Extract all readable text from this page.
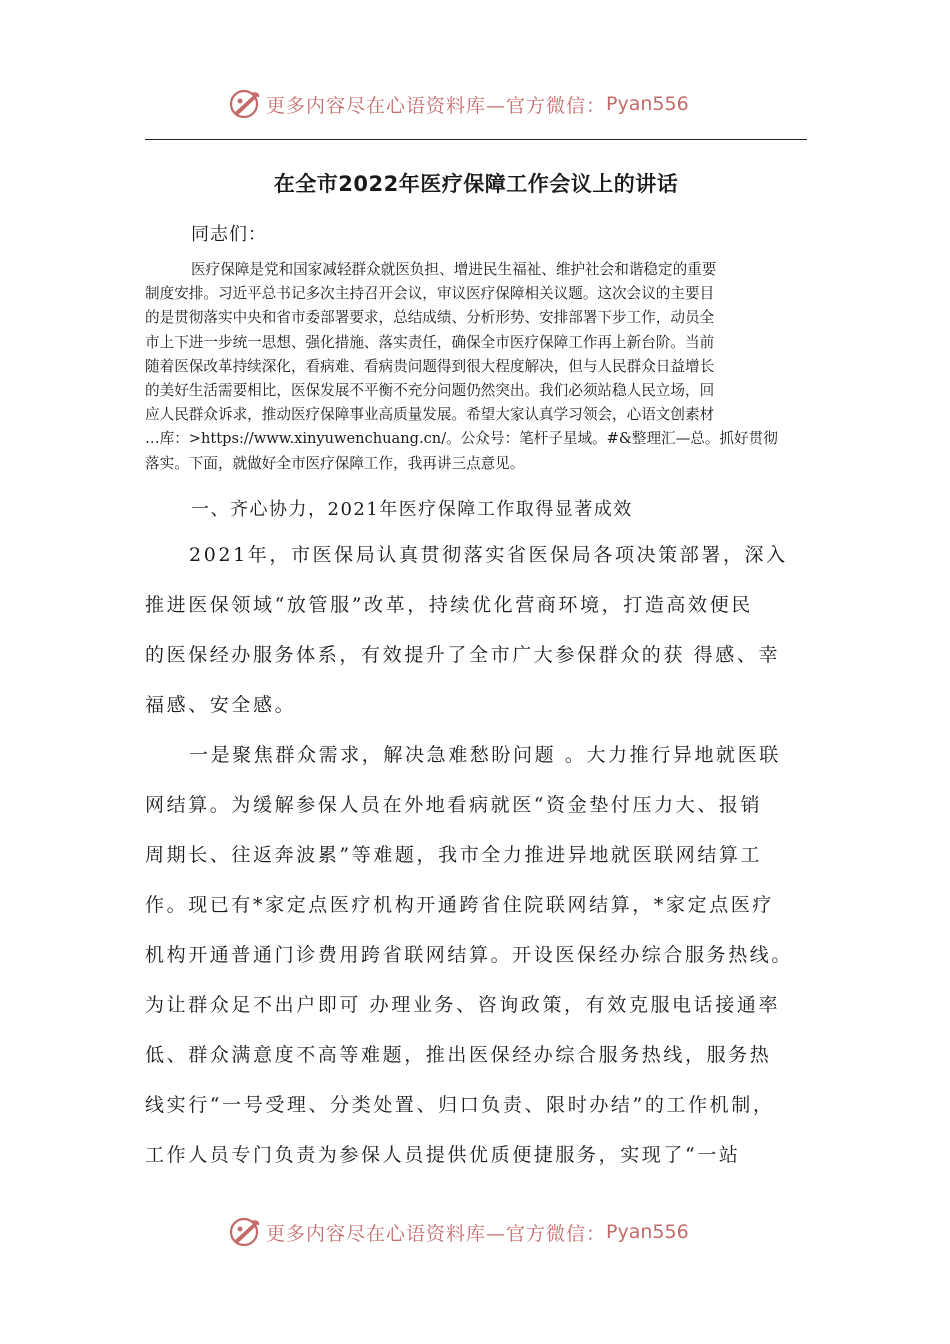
更多内容尽在心语资料库—官方微信： Pyan556
在全市2022年医疗保障工作会议上的讲话
同志们：
医疗保障是党和国家减轻群众就医负担、增进民生福祉、维护社会和谐稳定的重要
制度安排。习近平总书记多次主持召开会议，审议医疗保障相关议题。这次会议的主要目
的是贯彻落实中央和省市委部署要求，总结成绩、分析形势、安排部署下步工作，动员全
市上下进一步统一思想、强化措施、落实责任，确保全市医疗保障工作再上新台阶。当前
随着医保改革持续深化，看病难、看病贵问题得到很大程度解决，但与人民群众日益增长
的美好生活需要相比，医保发展不平衡不充分问题仍然突出。我们必须站稳人民立场，回
应人民群众诉求，推动医疗保障事业高质量发展。希望大家认真学习领会，心语文创素材
…库：>https://www.xinyuwenchuang.cn/。公众号：笔杆子星域。#&整理汇—总。抓好贯彻
落实。下面，就做好全市医疗保障工作，我再讲三点意见。
一、齐心协力，2021年医疗保障工作取得显著成效
2021年，市医保局认真贯彻落实省医保局各项决策部署，深入
推进医保领域“放管服”改革，持续优化营商环境，打造高效便民
的医保经办服务体系，有效提升了全市广大参保群众的获 得感、幸
福感、安全感。
一是聚焦群众需求，解决急难愁盼问题 。大力推行异地就医联
网结算。为缓解参保人员在外地看病就医“资金垫付压力大、报销
周期长、往返奔波累”等难题，我市全力推进异地就医联网结算工
作。现已有*家定点医疗机构开通跨省住院联网结算，*家定点医疗
机构开通普通门诊费用跨省联网结算。开设医保经办综合服务热线。
为让群众足不出户即可 办理业务、咨询政策，有效克服电话接通率
低、群众满意度不高等难题，推出医保经办综合服务热线，服务热
线实行“一号受理、分类处置、归口负责、限时办结”的工作机制，
工作人员专门负责为参保人员提供优质便捷服务，实现了“一站
更多内容尽在心语资料库—官方微信： Pyan556
